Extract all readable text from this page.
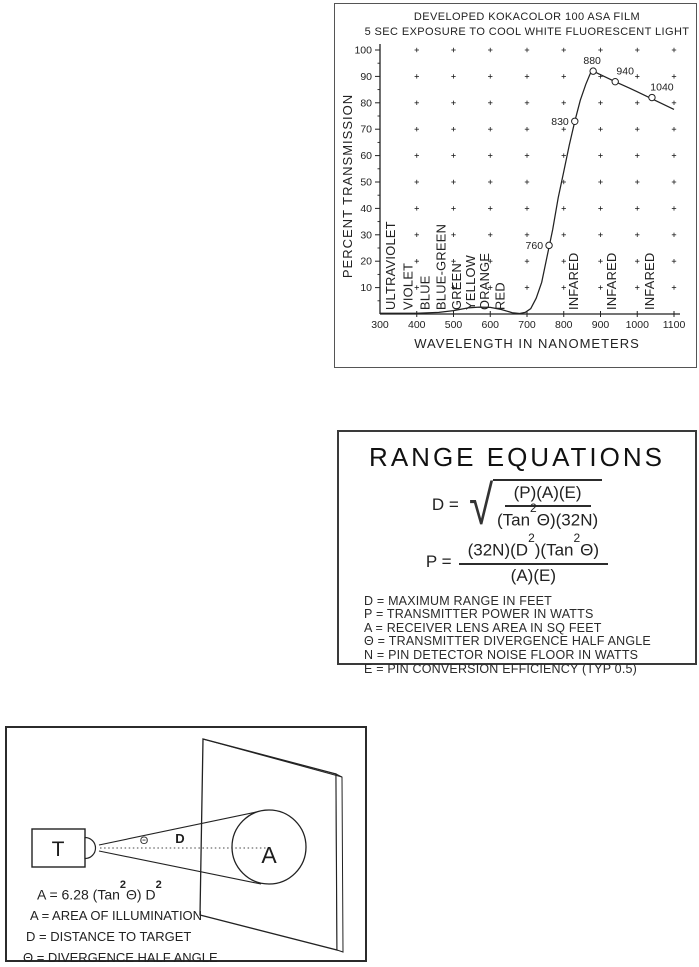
DEVELOPED KOKACOLOR 100 ASA FILM
5 SEC EXPOSURE TO COOL WHITE FLUORESCENT LIGHT
300 400 500 600 700 800 900 1000 1100
10
20
30
40
50
60
70
80
90
100
ULTRAVIOLET VIOLET BLUE BLUE-GREEN GREEN
YELLOW
ORANGE RED	INFARED INFARED INFARED
760
830
880
940
1040
WAVELENGTH IN NANOMETERS
PERCENT TRANSMISSION
RANGE EQUATIONS
D = √ $\frac{(P)(A)(E)}{(Tan^2\Theta)(32N)}$
$P = \frac{(32N)(D^2)(Tan^2\Theta)}{(A)(E)}$
D = MAXIMUM RANGE IN FEET
P = TRANSMITTER POWER IN WATTS
A = RECEIVER LENS AREA IN SQ FEET
Θ = TRANSMITTER DIVERGENCE HALF ANGLE
N = PIN DETECTOR NOISE FLOOR IN WATTS
E = PIN CONVERSION EFFICIENCY (TYP 0.5)
T	A
Θ D
A = 6.28 (Tan$^2$Θ) $D^2$
A = AREA OF ILLUMINATION
D = DISTANCE TO TARGET
Θ = DIVERGENCE HALF ANGLE
